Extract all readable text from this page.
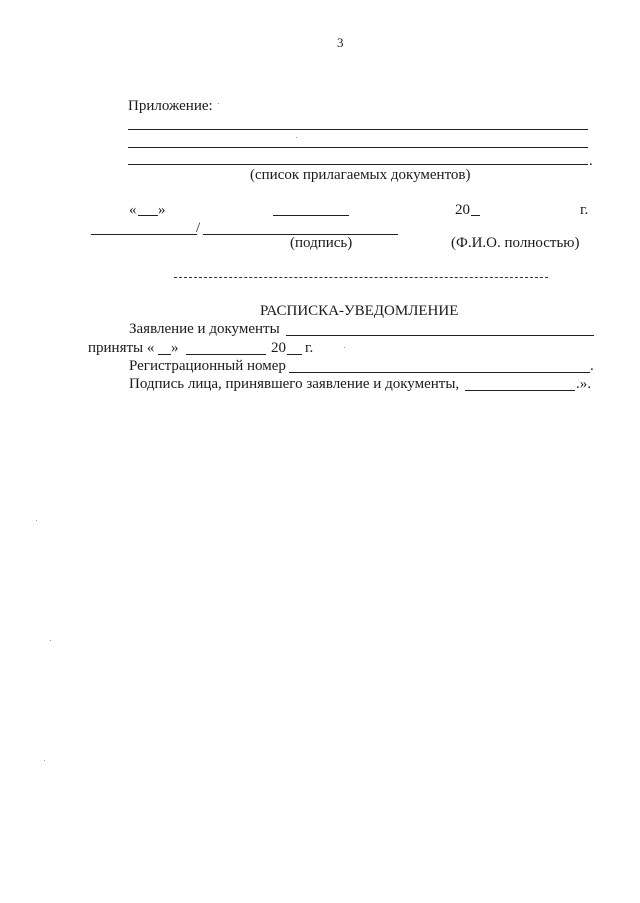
3
Приложение:
.
(список прилагаемых документов)
« »	20	г.
/
(подпись)	(Ф.И.О. полностью)
РАСПИСКА-УВЕДОМЛЕНИЕ
Заявление и документы
приняты « »	20 г.
Регистрационный номер	.
Подпись лица, принявшего заявление и документы,	.».
